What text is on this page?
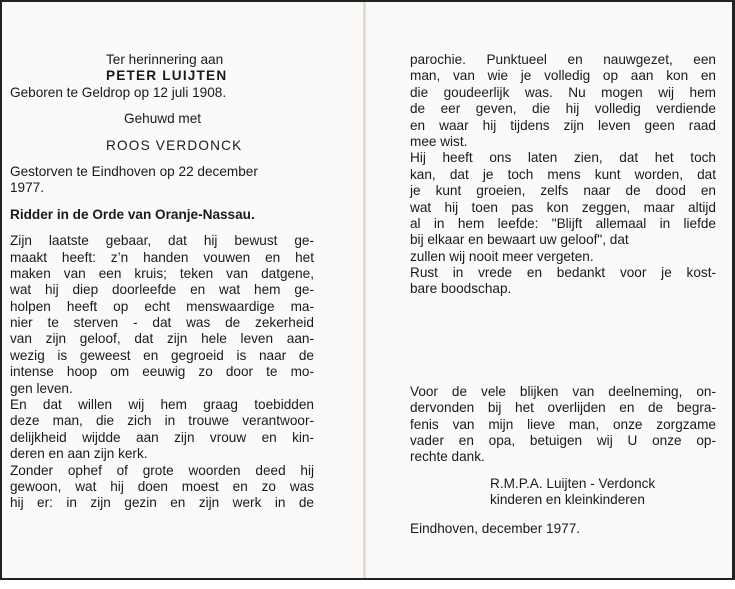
Ter herinnering aan
PETER LUIJTEN
Geboren te Geldrop op 12 juli 1908.
Gehuwd met
ROOS VERDONCK
Gestorven te Eindhoven op 22 december
1977.
Ridder in de Orde van Oranje-Nassau.
Zijn laatste gebaar, dat hij bewust ge-
maakt heeft: z’n handen vouwen en het
maken van een kruis; teken van datgene,
wat hij diep doorleefde en wat hem ge-
holpen heeft op echt menswaardige ma-
nier te sterven - dat was de zekerheid
van zijn geloof, dat zijn hele leven aan-
wezig is geweest en gegroeid is naar de
intense hoop om eeuwig zo door te mo-
gen leven.
En dat willen wij hem graag toebidden
deze man, die zich in trouwe verantwoor-
delijkheid wijdde aan zijn vrouw en kin-
deren en aan zijn kerk.
Zonder ophef of grote woorden deed hij
gewoon, wat hij doen moest en zo was
hij er: in zijn gezin en zijn werk in de
parochie. Punktueel en nauwgezet, een
man, van wie je volledig op aan kon en
die goudeerlijk was. Nu mogen wij hem
de eer geven, die hij volledig verdiende
en waar hij tijdens zijn leven geen raad
mee wist.
Hij heeft ons laten zien, dat het toch
kan, dat je toch mens kunt worden, dat
je kunt groeien, zelfs naar de dood en
wat hij toen pas kon zeggen, maar altijd
al in hem leefde: "Blijft allemaal in liefde
bij elkaar en bewaart uw geloof", dat
zullen wij nooit meer vergeten.
Rust in vrede en bedankt voor je kost-
bare boodschap.
Voor de vele blijken van deelneming, on-
dervonden bij het overlijden en de begra-
fenis van mijn lieve man, onze zorgzame
vader en opa, betuigen wij U onze op-
rechte dank.
R.M.P.A. Luijten - Verdonck
kinderen en kleinkinderen
Eindhoven, december 1977.
